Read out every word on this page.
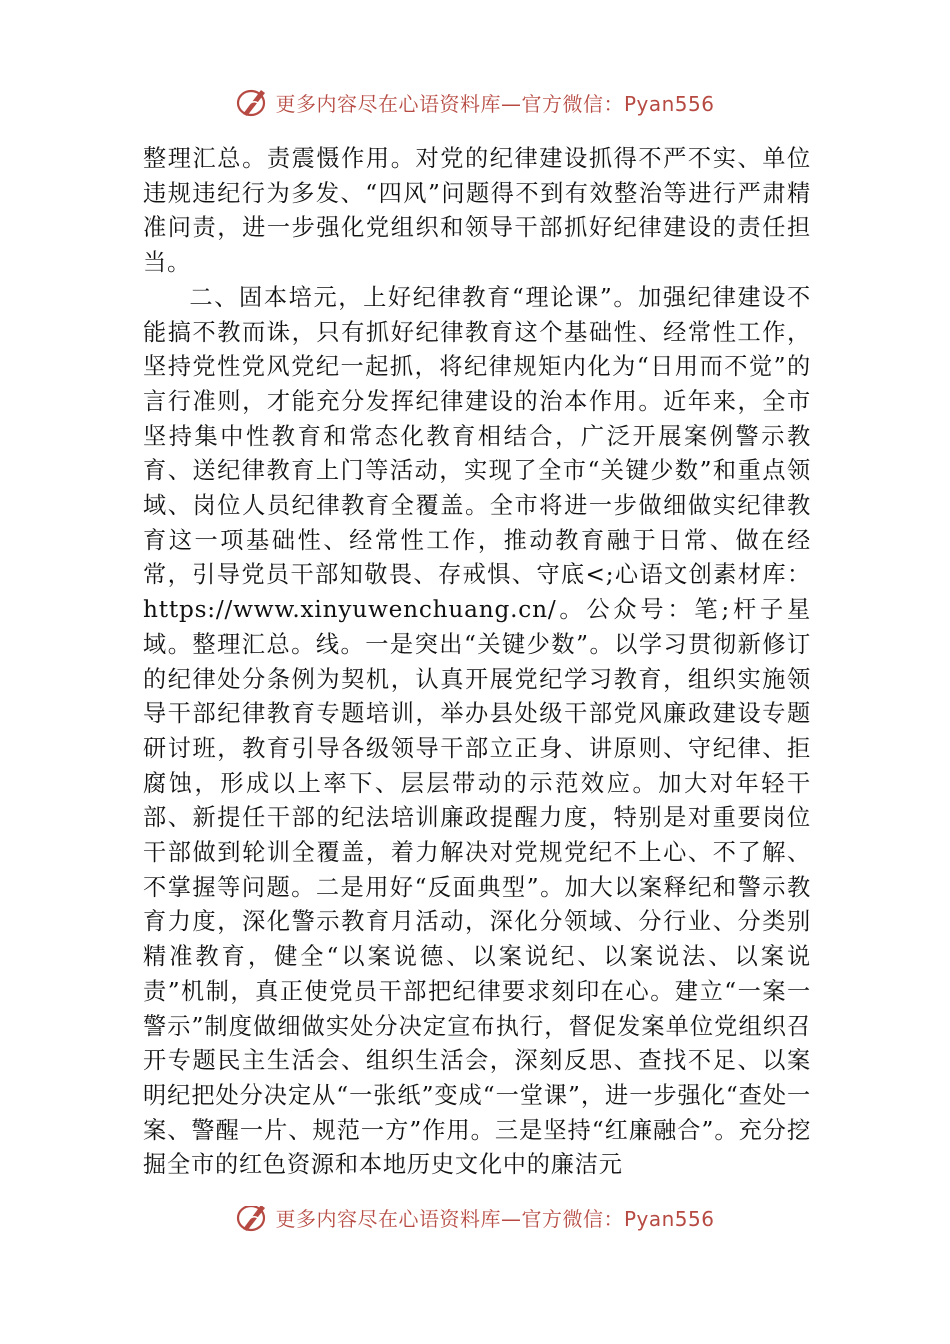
更多内容尽在心语资料库—官方微信：Pyan556

整理汇总。责震慑作用。对党的纪律建设抓得不严不实、单位违规违纪行为多发、“四风”问题得不到有效整治等进行严肃精准问责，进一步强化党组织和领导干部抓好纪律建设的责任担当。

二、固本培元，上好纪律教育“理论课”。加强纪律建设不能搞不教而诛，只有抓好纪律教育这个基础性、经常性工作，坚持党性党风党纪一起抓，将纪律规矩内化为“日用而不觉”的言行准则，才能充分发挥纪律建设的治本作用。近年来，全市坚持集中性教育和常态化教育相结合，广泛开展案例警示教育、送纪律教育上门等活动，实现了全市“关键少数”和重点领域、岗位人员纪律教育全覆盖。全市将进一步做细做实纪律教育这一项基础性、经常性工作，推动教育融于日常、做在经常，引导党员干部知敬畏、存戒惧、守底<;心语文创素材库：https://www.xinyuwenchuang.cn/。公众号：笔;杆子星域。整理汇总。线。一是突出“关键少数”。以学习贯彻新修订的纪律处分条例为契机，认真开展党纪学习教育，组织实施领导干部纪律教育专题培训，举办县处级干部党风廉政建设专题研讨班，教育引导各级领导干部立正身、讲原则、守纪律、拒腐蚀，形成以上率下、层层带动的示范效应。加大对年轻干部、新提任干部的纪法培训廉政提醒力度，特别是对重要岗位干部做到轮训全覆盖，着力解决对党规党纪不上心、不了解、不掌握等问题。二是用好“反面典型”。加大以案释纪和警示教育力度，深化警示教育月活动，深化分领域、分行业、分类别精准教育，健全“以案说德、以案说纪、以案说法、以案说责”机制，真正使党员干部把纪律要求刻印在心。建立“一案一警示”制度做细做实处分决定宣布执行，督促发案单位党组织召开专题民主生活会、组织生活会，深刻反思、查找不足、以案明纪把处分决定从“一张纸”变成“一堂课”，进一步强化“查处一案、警醒一片、规范一方”作用。三是坚持“红廉融合”。充分挖掘全市的红色资源和本地历史文化中的廉洁元

更多内容尽在心语资料库—官方微信：Pyan556
